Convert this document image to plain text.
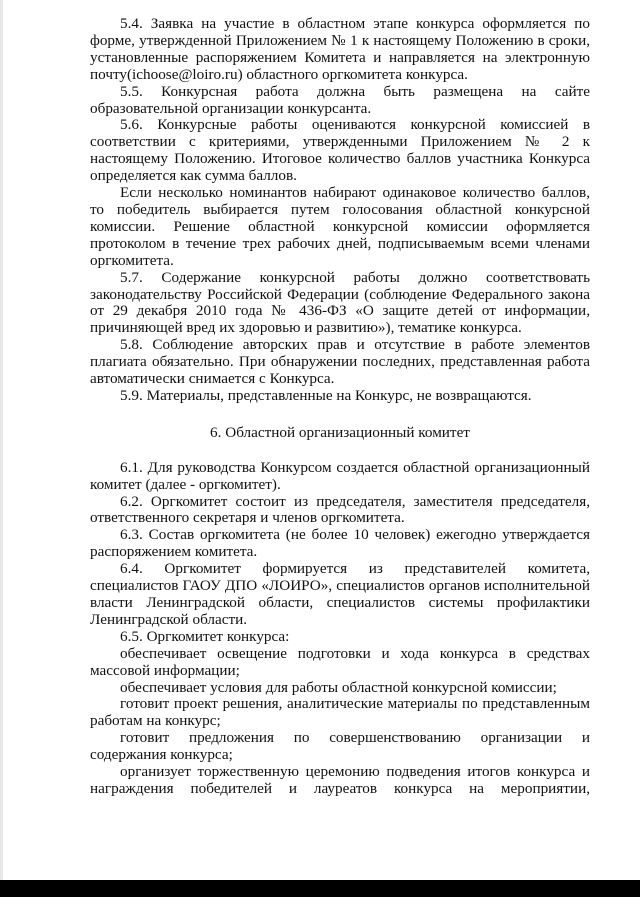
5.4. Заявка на участие в областном этапе конкурса оформляется по форме, утвержденной Приложением № 1 к настоящему Положению в сроки, установленные распоряжением Комитета и направляется на электронную почту(ichoose@loiro.ru) областного оргкомитета конкурса.

5.5. Конкурсная работа должна быть размещена на сайте образовательной организации конкурсанта.

5.6. Конкурсные работы оцениваются конкурсной комиссией в соответствии с критериями, утвержденными Приложением № 2 к настоящему Положению. Итоговое количество баллов участника Конкурса определяется как сумма баллов.

Если несколько номинантов набирают одинаковое количество баллов, то победитель выбирается путем голосования областной конкурсной комиссии. Решение областной конкурсной комиссии оформляется протоколом в течение трех рабочих дней, подписываемым всеми членами оргкомитета.

5.7. Содержание конкурсной работы должно соответствовать законодательству Российской Федерации (соблюдение Федерального закона от 29 декабря 2010 года № 436-ФЗ «О защите детей от информации, причиняющей вред их здоровью и развитию»), тематике конкурса.

5.8. Соблюдение авторских прав и отсутствие в работе элементов плагиата обязательно. При обнаружении последних, представленная работа автоматически снимается с Конкурса.

5.9. Материалы, представленные на Конкурс, не возвращаются.

6. Областной организационный комитет

6.1. Для руководства Конкурсом создается областной организационный комитет (далее - оргкомитет).

6.2. Оргкомитет состоит из председателя, заместителя председателя, ответственного секретаря и членов оргкомитета.

6.3. Состав оргкомитета (не более 10 человек) ежегодно утверждается распоряжением комитета.

6.4. Оргкомитет формируется из представителей комитета, специалистов ГАОУ ДПО «ЛОИРО», специалистов органов исполнительной власти Ленинградской области, специалистов системы профилактики Ленинградской области.

6.5. Оргкомитет конкурса:

обеспечивает освещение подготовки и хода конкурса в средствах массовой информации;

обеспечивает условия для работы областной конкурсной комиссии;

готовит проект решения, аналитические материалы по представленным работам на конкурс;

готовит предложения по совершенствованию организации и содержания конкурса;

организует торжественную церемонию подведения итогов конкурса и награждения победителей и лауреатов конкурса на мероприятии,
